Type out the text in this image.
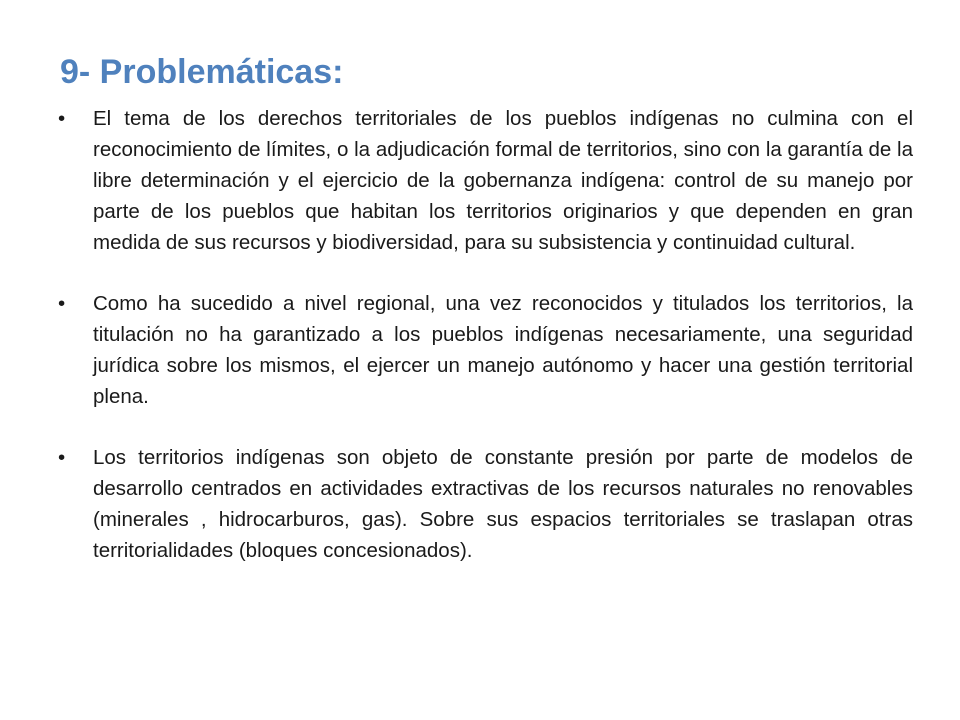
9- Problemáticas:
•	El tema de los derechos territoriales de los pueblos indígenas no culmina con el reconocimiento de límites, o la adjudicación formal de territorios, sino con la garantía de la libre determinación y el ejercicio de la gobernanza indígena: control de su manejo por parte de los pueblos que habitan los territorios originarios y que dependen en gran medida de sus recursos y biodiversidad, para su subsistencia y continuidad cultural.
•	Como ha sucedido a nivel regional, una vez reconocidos y titulados los territorios, la titulación no ha garantizado a los pueblos indígenas necesariamente, una seguridad jurídica sobre los mismos, el ejercer un manejo autónomo y hacer una gestión territorial plena.
•	Los territorios indígenas son objeto de constante presión por parte de modelos de desarrollo centrados en actividades extractivas de los recursos naturales no renovables (minerales , hidrocarburos, gas). Sobre sus espacios territoriales se traslapan otras territorialidades (bloques concesionados).
